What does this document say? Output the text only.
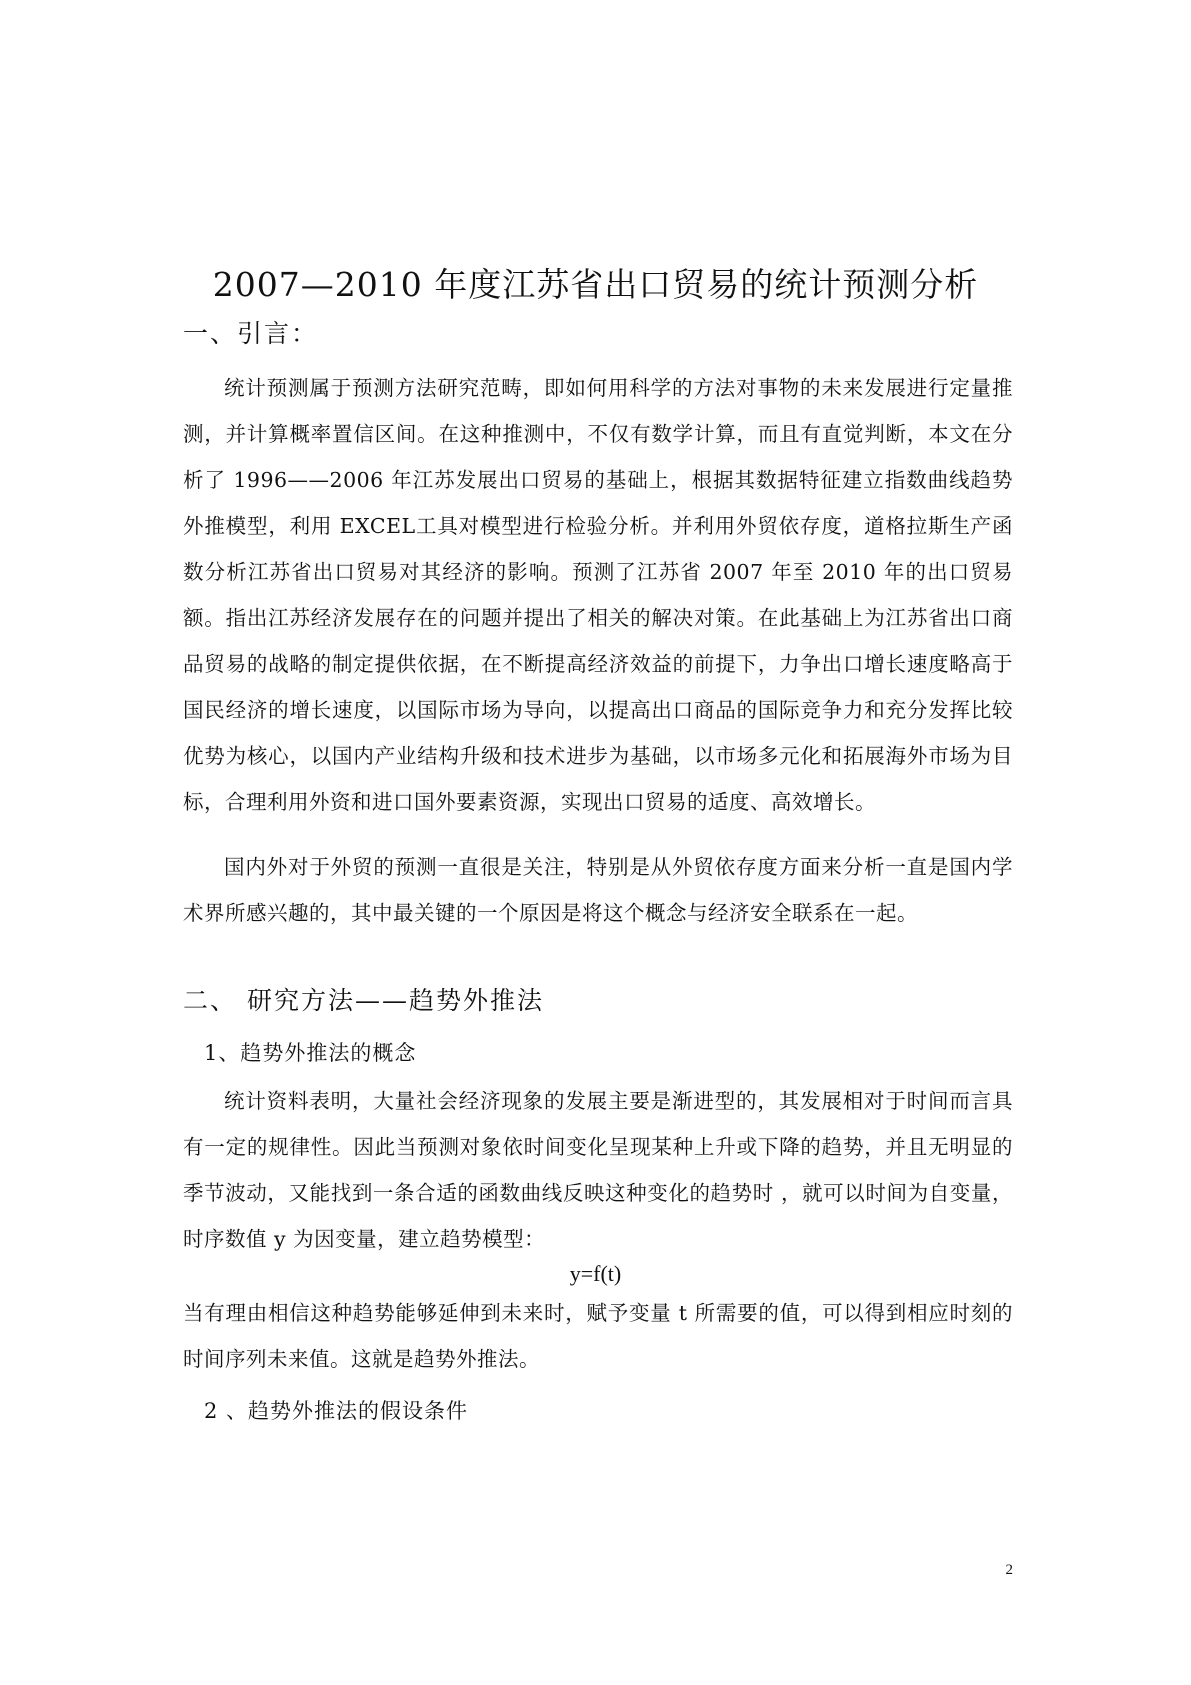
2007—2010 年度江苏省出口贸易的统计预测分析
一、引言：

统计预测属于预测方法研究范畴，即如何用科学的方法对事物的未来发展进行定量推测，并计算概率置信区间。在这种推测中，不仅有数学计算，而且有直觉判断，本文在分析了 1996——2006 年江苏发展出口贸易的基础上，根据其数据特征建立指数曲线趋势外推模型，利用 EXCEL工具对模型进行检验分析。并利用外贸依存度，道格拉斯生产函数分析江苏省出口贸易对其经济的影响。预测了江苏省 2007 年至 2010 年的出口贸易额。指出江苏经济发展存在的问题并提出了相关的解决对策。在此基础上为江苏省出口商品贸易的战略的制定提供依据，在不断提高经济效益的前提下，力争出口增长速度略高于国民经济的增长速度，以国际市场为导向，以提高出口商品的国际竞争力和充分发挥比较优势为核心，以国内产业结构升级和技术进步为基础，以市场多元化和拓展海外市场为目标，合理利用外资和进口国外要素资源，实现出口贸易的适度、高效增长。

国内外对于外贸的预测一直很是关注，特别是从外贸依存度方面来分析一直是国内学术界所感兴趣的，其中最关键的一个原因是将这个概念与经济安全联系在一起。

二、 研究方法——趋势外推法
1、趋势外推法的概念

统计资料表明，大量社会经济现象的发展主要是渐进型的，其发展相对于时间而言具有一定的规律性。因此当预测对象依时间变化呈现某种上升或下降的趋势，并且无明显的季节波动，又能找到一条合适的函数曲线反映这种变化的趋势时 ，就可以时间为自变量，时序数值 y 为因变量，建立趋势模型：

y=f(t)

当有理由相信这种趋势能够延伸到未来时，赋予变量 t 所需要的值，可以得到相应时刻的时间序列未来值。这就是趋势外推法。

2 、趋势外推法的假设条件
2
